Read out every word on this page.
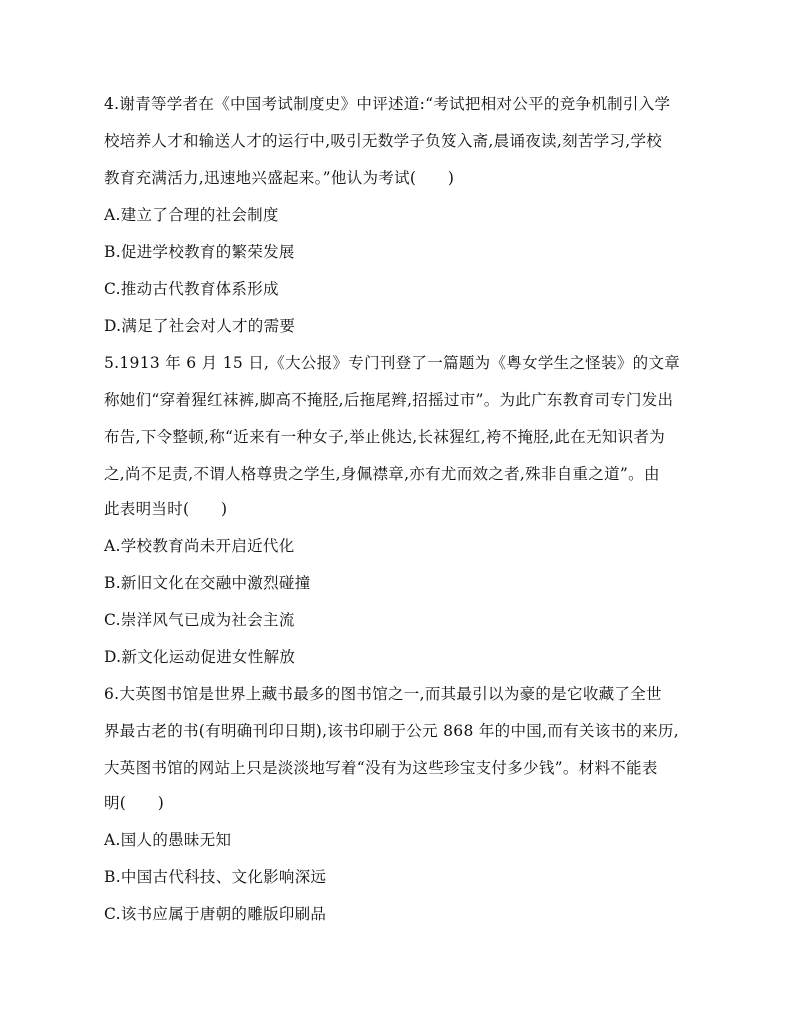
4.谢青等学者在《中国考试制度史》中评述道:“考试把相对公平的竞争机制引入学
校培养人才和输送人才的运行中,吸引无数学子负笈入斋,晨诵夜读,刻苦学习,学校
教育充满活力,迅速地兴盛起来。”他认为考试(　　)
A.建立了合理的社会制度
B.促进学校教育的繁荣发展
C.推动古代教育体系形成
D.满足了社会对人才的需要
5.1913 年 6 月 15 日,《大公报》专门刊登了一篇题为《粤女学生之怪装》的文章
称她们“穿着猩红袜裤,脚高不掩胫,后拖尾辫,招摇过市”。为此广东教育司专门发出
布告,下令整顿,称“近来有一种女子,举止佻达,长袜猩红,袴不掩胫,此在无知识者为
之,尚不足责,不谓人格尊贵之学生,身佩襟章,亦有尤而效之者,殊非自重之道”。由
此表明当时(　　)
A.学校教育尚未开启近代化
B.新旧文化在交融中激烈碰撞
C.崇洋风气已成为社会主流
D.新文化运动促进女性解放
6.大英图书馆是世界上藏书最多的图书馆之一,而其最引以为豪的是它收藏了全世
界最古老的书(有明确刊印日期),该书印刷于公元 868 年的中国,而有关该书的来历,
大英图书馆的网站上只是淡淡地写着“没有为这些珍宝支付多少钱”。材料不能表
明(　　)
A.国人的愚昧无知
B.中国古代科技、文化影响深远
C.该书应属于唐朝的雕版印刷品
